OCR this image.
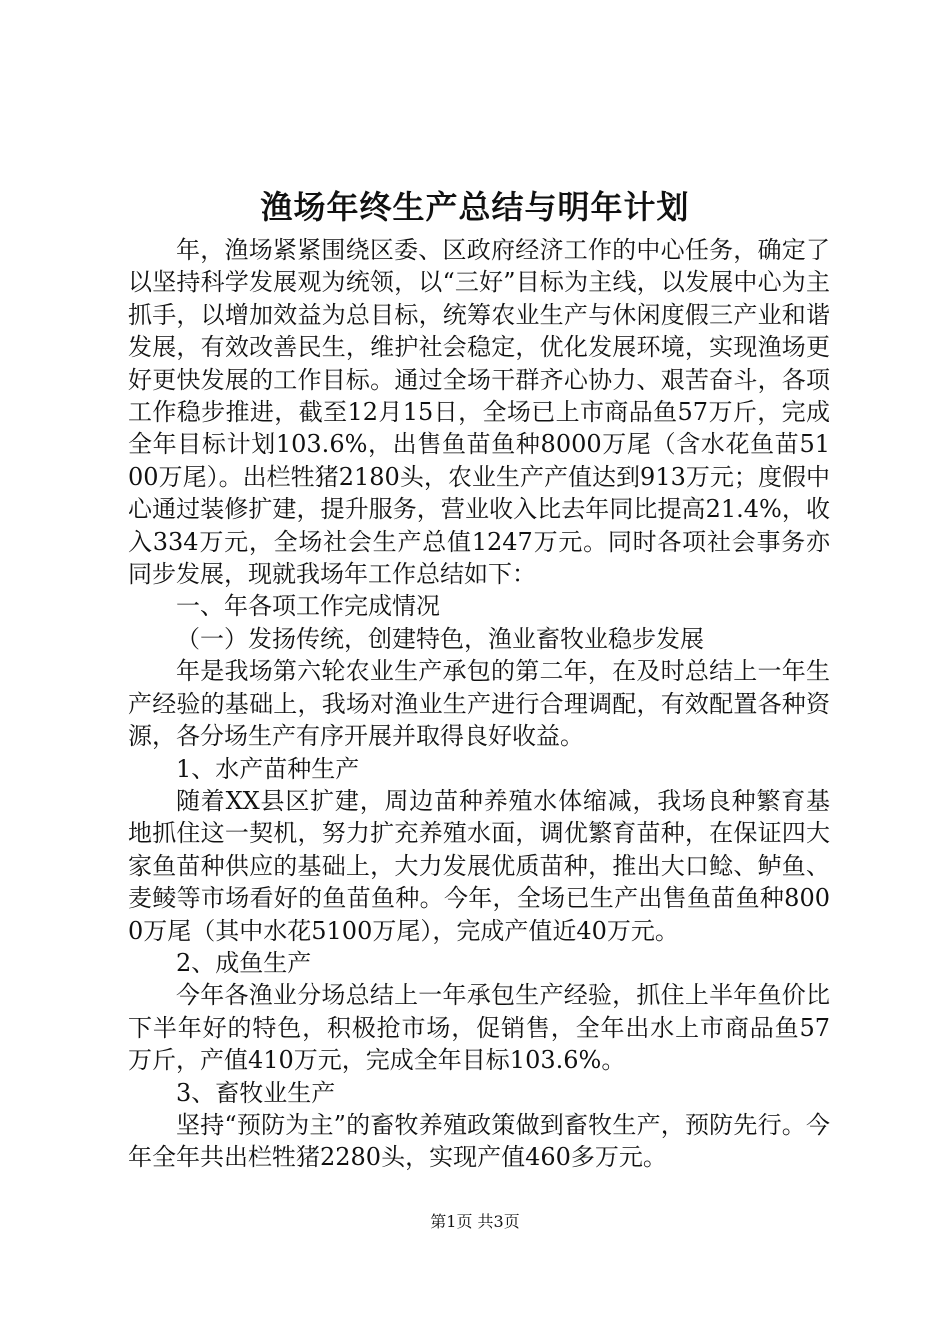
渔场年终生产总结与明年计划

年，渔场紧紧围绕区委、区政府经济工作的中心任务，确定了以坚持科学发展观为统领，以“三好”目标为主线，以发展中心为主抓手，以增加效益为总目标，统筹农业生产与休闲度假三产业和谐发展，有效改善民生，维护社会稳定，优化发展环境，实现渔场更好更快发展的工作目标。通过全场干群齐心协力、艰苦奋斗，各项工作稳步推进，截至12月15日，全场已上市商品鱼57万斤，完成全年目标计划103.6%，出售鱼苗鱼种8000万尾（含水花鱼苗5100万尾）。出栏牲猪2180头，农业生产产值达到913万元；度假中心通过装修扩建，提升服务，营业收入比去年同比提高21.4%，收入334万元，全场社会生产总值1247万元。同时各项社会事务亦同步发展，现就我场年工作总结如下：

一、年各项工作完成情况

（一）发扬传统，创建特色，渔业畜牧业稳步发展

年是我场第六轮农业生产承包的第二年，在及时总结上一年生产经验的基础上，我场对渔业生产进行合理调配，有效配置各种资源，各分场生产有序开展并取得良好收益。

1、水产苗种生产

随着XX县区扩建，周边苗种养殖水体缩减，我场良种繁育基地抓住这一契机，努力扩充养殖水面，调优繁育苗种，在保证四大家鱼苗种供应的基础上，大力发展优质苗种，推出大口鲶、鲈鱼、麦鲮等市场看好的鱼苗鱼种。今年，全场已生产出售鱼苗鱼种8000万尾（其中水花5100万尾），完成产值近40万元。

2、成鱼生产

今年各渔业分场总结上一年承包生产经验，抓住上半年鱼价比下半年好的特色，积极抢市场，促销售，全年出水上市商品鱼57万斤，产值410万元，完成全年目标103.6%。

3、畜牧业生产

坚持“预防为主”的畜牧养殖政策做到畜牧生产，预防先行。今年全年共出栏牲猪2280头，实现产值460多万元。

第1页 共3页
